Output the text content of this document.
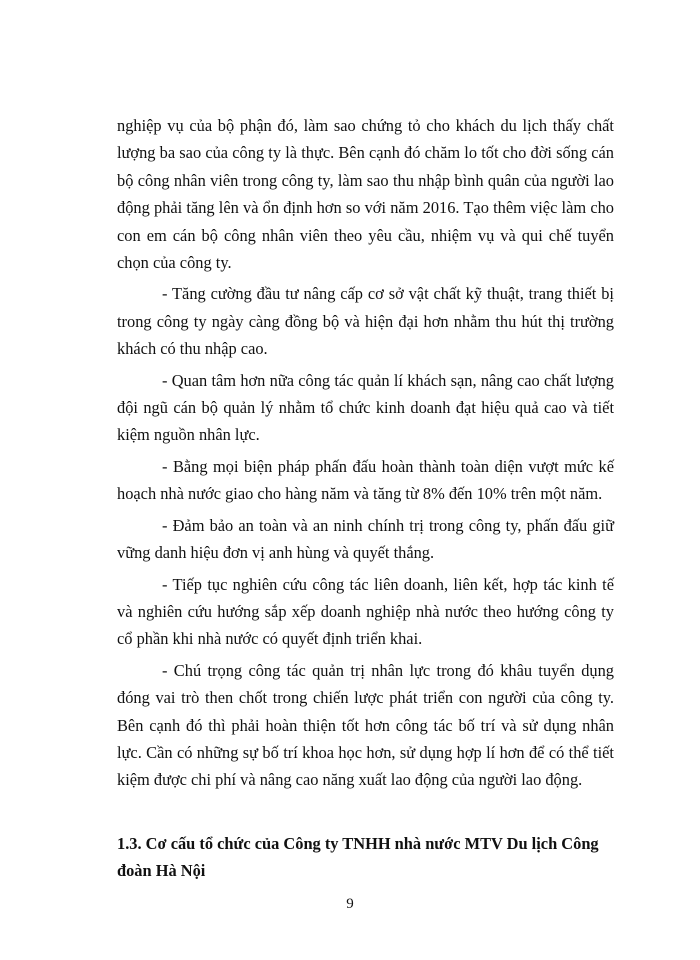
nghiệp vụ của bộ phận đó, làm sao chứng tỏ cho khách du lịch thấy chất lượng ba sao của công ty là thực. Bên cạnh đó chăm lo tốt cho đời sống cán bộ công nhân viên trong công ty, làm sao thu nhập bình quân của người lao động phải tăng lên và ổn định hơn so với năm 2016. Tạo thêm việc làm cho con em cán bộ công nhân viên theo yêu cầu, nhiệm vụ và qui chế tuyển chọn của công ty.

- Tăng cường đầu tư nâng cấp cơ sở vật chất kỹ thuật, trang thiết bị trong công ty ngày càng đồng bộ và hiện đại hơn nhằm thu hút thị trường khách có thu nhập cao.

- Quan tâm hơn nữa công tác quản lí khách sạn, nâng cao chất lượng đội ngũ cán bộ quản lý nhằm tổ chức kinh doanh đạt hiệu quả cao và tiết kiệm nguồn nhân lực.

- Bằng mọi biện pháp phấn đấu hoàn thành toàn diện vượt mức kế hoạch nhà nước giao cho hàng năm và tăng từ 8% đến 10% trên một năm.

- Đảm bảo an toàn và an ninh chính trị trong công ty, phấn đấu giữ vững danh hiệu đơn vị anh hùng và quyết thắng.

- Tiếp tục nghiên cứu công tác liên doanh, liên kết, hợp tác kinh tế và nghiên cứu hướng sắp xếp doanh nghiệp nhà nước theo hướng công ty cổ phần khi nhà nước có quyết định triển khai.

- Chú trọng công tác quản trị nhân lực trong đó khâu tuyển dụng đóng vai trò then chốt trong chiến lược phát triển con người của công ty. Bên cạnh đó thì phải hoàn thiện tốt hơn công tác bố trí và sử dụng nhân lực. Cần có những sự bố trí khoa học hơn, sử dụng hợp lí hơn để có thể tiết kiệm được chi phí và nâng cao năng xuất lao động của người lao động.

1.3. Cơ cấu tổ chức của Công ty TNHH nhà nước MTV Du lịch Công đoàn Hà Nội
9
